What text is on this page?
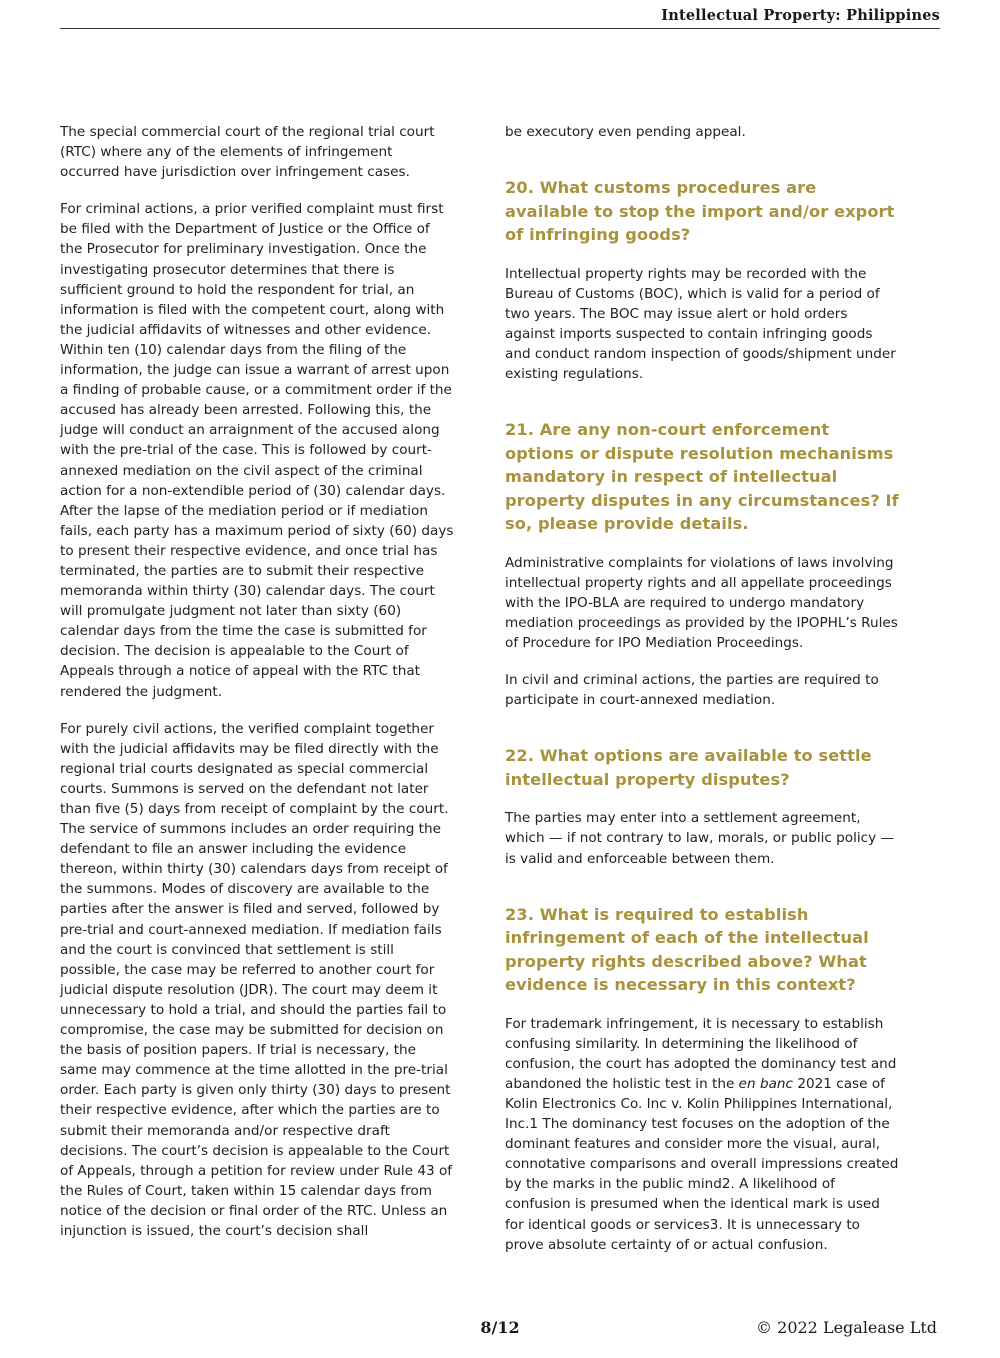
Intellectual Property: Philippines

The special commercial court of the regional trial court (RTC) where any of the elements of infringement occurred have jurisdiction over infringement cases.

For criminal actions, a prior verified complaint must first be filed with the Department of Justice or the Office of the Prosecutor for preliminary investigation. Once the investigating prosecutor determines that there is sufficient ground to hold the respondent for trial, an information is filed with the competent court, along with the judicial affidavits of witnesses and other evidence. Within ten (10) calendar days from the filing of the information, the judge can issue a warrant of arrest upon a finding of probable cause, or a commitment order if the accused has already been arrested. Following this, the judge will conduct an arraignment of the accused along with the pre-trial of the case. This is followed by court-annexed mediation on the civil aspect of the criminal action for a non-extendible period of (30) calendar days. After the lapse of the mediation period or if mediation fails, each party has a maximum period of sixty (60) days to present their respective evidence, and once trial has terminated, the parties are to submit their respective memoranda within thirty (30) calendar days. The court will promulgate judgment not later than sixty (60) calendar days from the time the case is submitted for decision. The decision is appealable to the Court of Appeals through a notice of appeal with the RTC that rendered the judgment.

For purely civil actions, the verified complaint together with the judicial affidavits may be filed directly with the regional trial courts designated as special commercial courts. Summons is served on the defendant not later than five (5) days from receipt of complaint by the court. The service of summons includes an order requiring the defendant to file an answer including the evidence thereon, within thirty (30) calendars days from receipt of the summons. Modes of discovery are available to the parties after the answer is filed and served, followed by pre-trial and court-annexed mediation. If mediation fails and the court is convinced that settlement is still possible, the case may be referred to another court for judicial dispute resolution (JDR). The court may deem it unnecessary to hold a trial, and should the parties fail to compromise, the case may be submitted for decision on the basis of position papers. If trial is necessary, the same may commence at the time allotted in the pre-trial order. Each party is given only thirty (30) days to present their respective evidence, after which the parties are to submit their memoranda and/or respective draft decisions. The court’s decision is appealable to the Court of Appeals, through a petition for review under Rule 43 of the Rules of Court, taken within 15 calendar days from notice of the decision or final order of the RTC. Unless an injunction is issued, the court’s decision shall

be executory even pending appeal.

20. What customs procedures are available to stop the import and/or export of infringing goods?

Intellectual property rights may be recorded with the Bureau of Customs (BOC), which is valid for a period of two years. The BOC may issue alert or hold orders against imports suspected to contain infringing goods and conduct random inspection of goods/shipment under existing regulations.

21. Are any non-court enforcement options or dispute resolution mechanisms mandatory in respect of intellectual property disputes in any circumstances? If so, please provide details.

Administrative complaints for violations of laws involving intellectual property rights and all appellate proceedings with the IPO-BLA are required to undergo mandatory mediation proceedings as provided by the IPOPHL’s Rules of Procedure for IPO Mediation Proceedings.

In civil and criminal actions, the parties are required to participate in court-annexed mediation.

22. What options are available to settle intellectual property disputes?

The parties may enter into a settlement agreement, which — if not contrary to law, morals, or public policy — is valid and enforceable between them.

23. What is required to establish infringement of each of the intellectual property rights described above? What evidence is necessary in this context?

For trademark infringement, it is necessary to establish confusing similarity. In determining the likelihood of confusion, the court has adopted the dominancy test and abandoned the holistic test in the en banc 2021 case of Kolin Electronics Co. Inc v. Kolin Philippines International, Inc.1 The dominancy test focuses on the adoption of the dominant features and consider more the visual, aural, connotative comparisons and overall impressions created by the marks in the public mind2. A likelihood of confusion is presumed when the identical mark is used for identical goods or services3. It is unnecessary to prove absolute certainty of or actual confusion.

8/12	© 2022 Legalease Ltd
